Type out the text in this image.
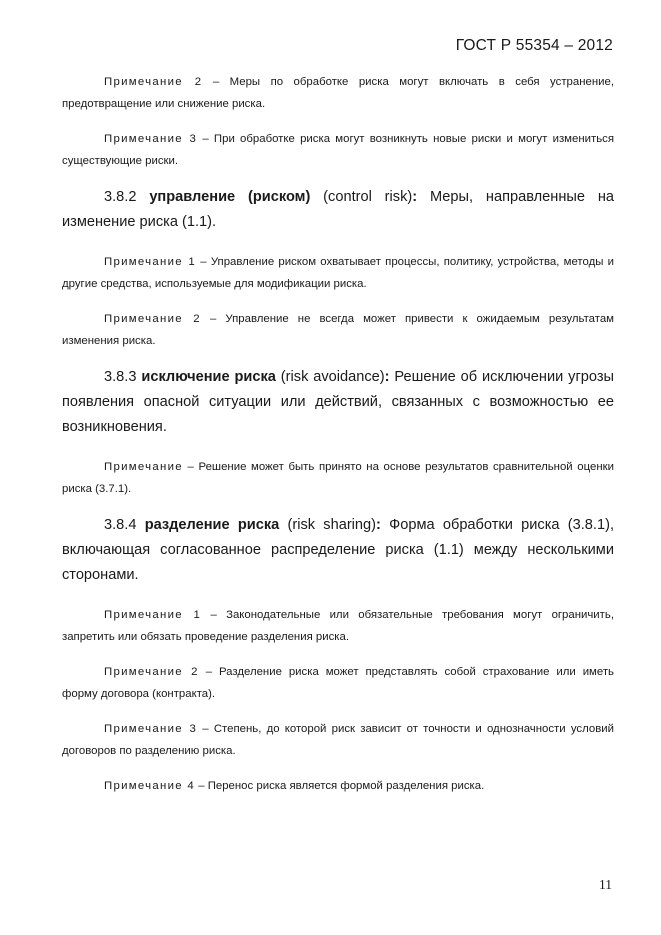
ГОСТ Р 55354 – 2012

Примечание 2 – Меры по обработке риска могут включать в себя устранение, предотвращение или снижение риска.

Примечание 3 – При обработке риска могут возникнуть новые риски и могут измениться существующие риски.

3.8.2 управление (риском) (control risk): Меры, направленные на изменение риска (1.1).

Примечание 1 – Управление риском охватывает процессы, политику, устройства, методы и другие средства, используемые для модификации риска.

Примечание 2 – Управление не всегда может привести к ожидаемым результатам изменения риска.

3.8.3 исключение риска (risk avoidance): Решение об исключении угрозы появления опасной ситуации или действий, связанных с возможностью ее возникновения.

Примечание – Решение может быть принято на основе результатов сравнительной оценки риска (3.7.1).

3.8.4 разделение риска (risk sharing): Форма обработки риска (3.8.1), включающая согласованное распределение риска (1.1) между несколькими сторонами.

Примечание 1 – Законодательные или обязательные требования могут ограничить, запретить или обязать проведение разделения риска.

Примечание 2 – Разделение риска может представлять собой страхование или иметь форму договора (контракта).

Примечание 3 – Степень, до которой риск зависит от точности и однозначности условий договоров по разделению риска.

Примечание 4 – Перенос риска является формой разделения риска.

11
